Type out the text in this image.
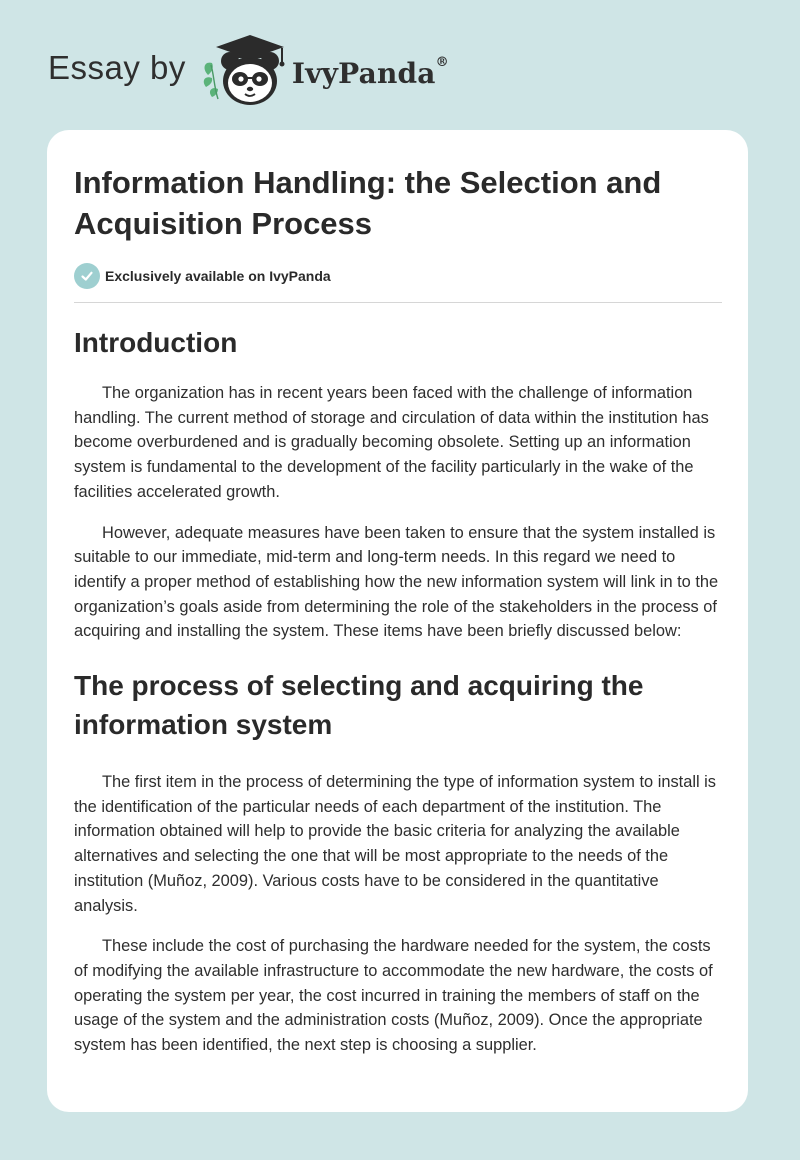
Essay by	IvyPanda®
Information Handling: the Selection and Acquisition Process
Exclusively available on IvyPanda
Introduction

The organization has in recent years been faced with the challenge of information handling. The current method of storage and circulation of data within the institution has become overburdened and is gradually becoming obsolete. Setting up an information system is fundamental to the development of the facility particularly in the wake of the facilities accelerated growth.

However, adequate measures have been taken to ensure that the system installed is suitable to our immediate, mid-term and long-term needs. In this regard we need to identify a proper method of establishing how the new information system will link in to the organization’s goals aside from determining the role of the stakeholders in the process of acquiring and installing the system. These items have been briefly discussed below:

The process of selecting and acquiring the information system

The first item in the process of determining the type of information system to install is the identification of the particular needs of each department of the institution. The information obtained will help to provide the basic criteria for analyzing the available alternatives and selecting the one that will be most appropriate to the needs of the institution (Muñoz, 2009). Various costs have to be considered in the quantitative analysis.

These include the cost of purchasing the hardware needed for the system, the costs of modifying the available infrastructure to accommodate the new hardware, the costs of operating the system per year, the cost incurred in training the members of staff on the usage of the system and the administration costs (Muñoz, 2009). Once the appropriate system has been identified, the next step is choosing a supplier.
